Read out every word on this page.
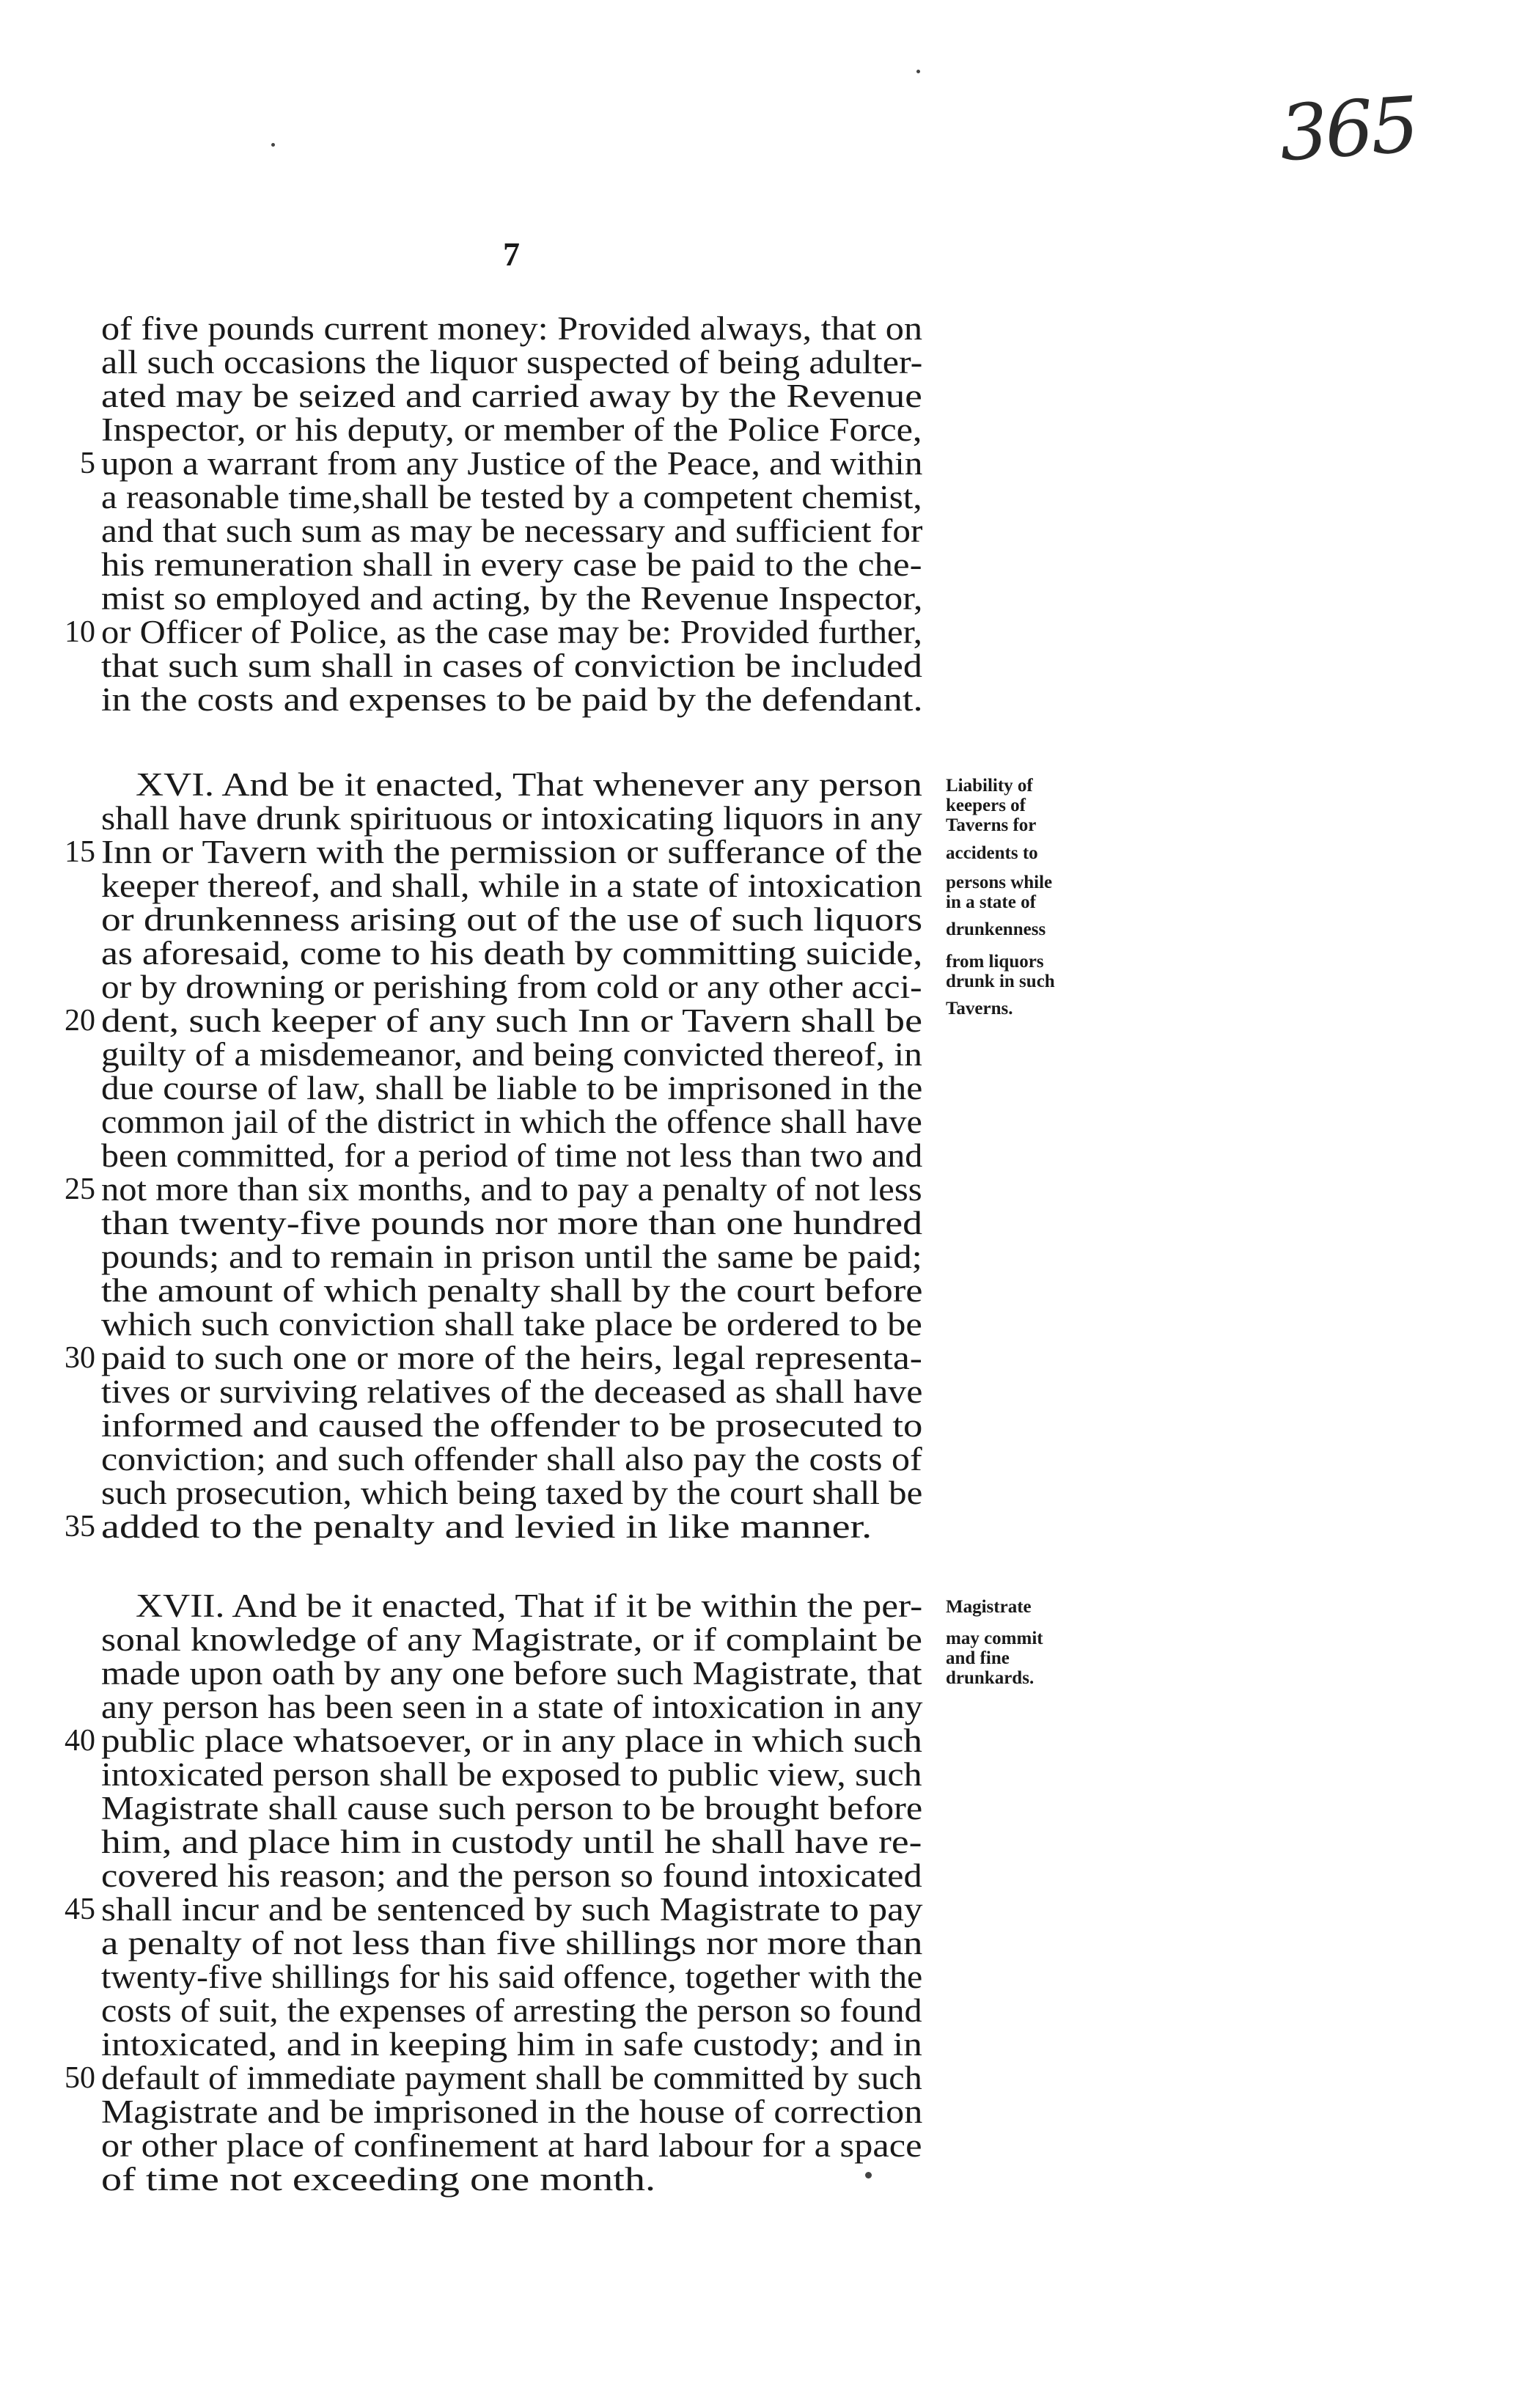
365
7
of five pounds current money: Provided always, that on
all such occasions the liquor suspected of being adulter-
ated may be seized and carried away by the Revenue
Inspector, or his deputy, or member of the Police Force,
upon a warrant from any Justice of the Peace, and within
a reasonable time,shall be tested by a competent chemist,
and that such sum as may be necessary and sufficient for
his remuneration shall in every case be paid to the che-
mist so employed and acting, by the Revenue Inspector,
or Officer of Police, as the case may be: Provided further,
that such sum shall in cases of conviction be included
in the costs and expenses to be paid by the defendant.
XVI. And be it enacted, That whenever any person
shall have drunk spirituous or intoxicating liquors in any
Inn or Tavern with the permission or sufferance of the
keeper thereof, and shall, while in a state of intoxication
or drunkenness arising out of the use of such liquors
as aforesaid, come to his death by committing suicide,
or by drowning or perishing from cold or any other acci-
dent, such keeper of any such Inn or Tavern shall be
guilty of a misdemeanor, and being convicted thereof, in
due course of law, shall be liable to be imprisoned in the
common jail of the district in which the offence shall have
been committed, for a period of time not less than two and
not more than six months, and to pay a penalty of not less
than twenty-five pounds nor more than one hundred
pounds; and to remain in prison until the same be paid;
the amount of which penalty shall by the court before
which such conviction shall take place be ordered to be
paid to such one or more of the heirs, legal representa-
tives or surviving relatives of the deceased as shall have
informed and caused the offender to be prosecuted to
conviction; and such offender shall also pay the costs of
such prosecution, which being taxed by the court shall be
added to the penalty and levied in like manner.
XVII. And be it enacted, That if it be within the per-
sonal knowledge of any Magistrate, or if complaint be
made upon oath by any one before such Magistrate, that
any person has been seen in a state of intoxication in any
public place whatsoever, or in any place in which such
intoxicated person shall be exposed to public view, such
Magistrate shall cause such person to be brought before
him, and place him in custody until he shall have re-
covered his reason; and the person so found intoxicated
shall incur and be sentenced by such Magistrate to pay
a penalty of not less than five shillings nor more than
twenty-five shillings for his said offence, together with the
costs of suit, the expenses of arresting the person so found
intoxicated, and in keeping him in safe custody; and in
default of immediate payment shall be committed by such
Magistrate and be imprisoned in the house of correction
or other place of confinement at hard labour for a space
of time not exceeding one month.
5
10
15
20
25
30
35
40
45
50
Liability of
keepers of
Taverns for
accidents to
persons while
in a state of
drunkenness
from liquors
drunk in such
Taverns.
Magistrate
may commit
and fine
drunkards.
